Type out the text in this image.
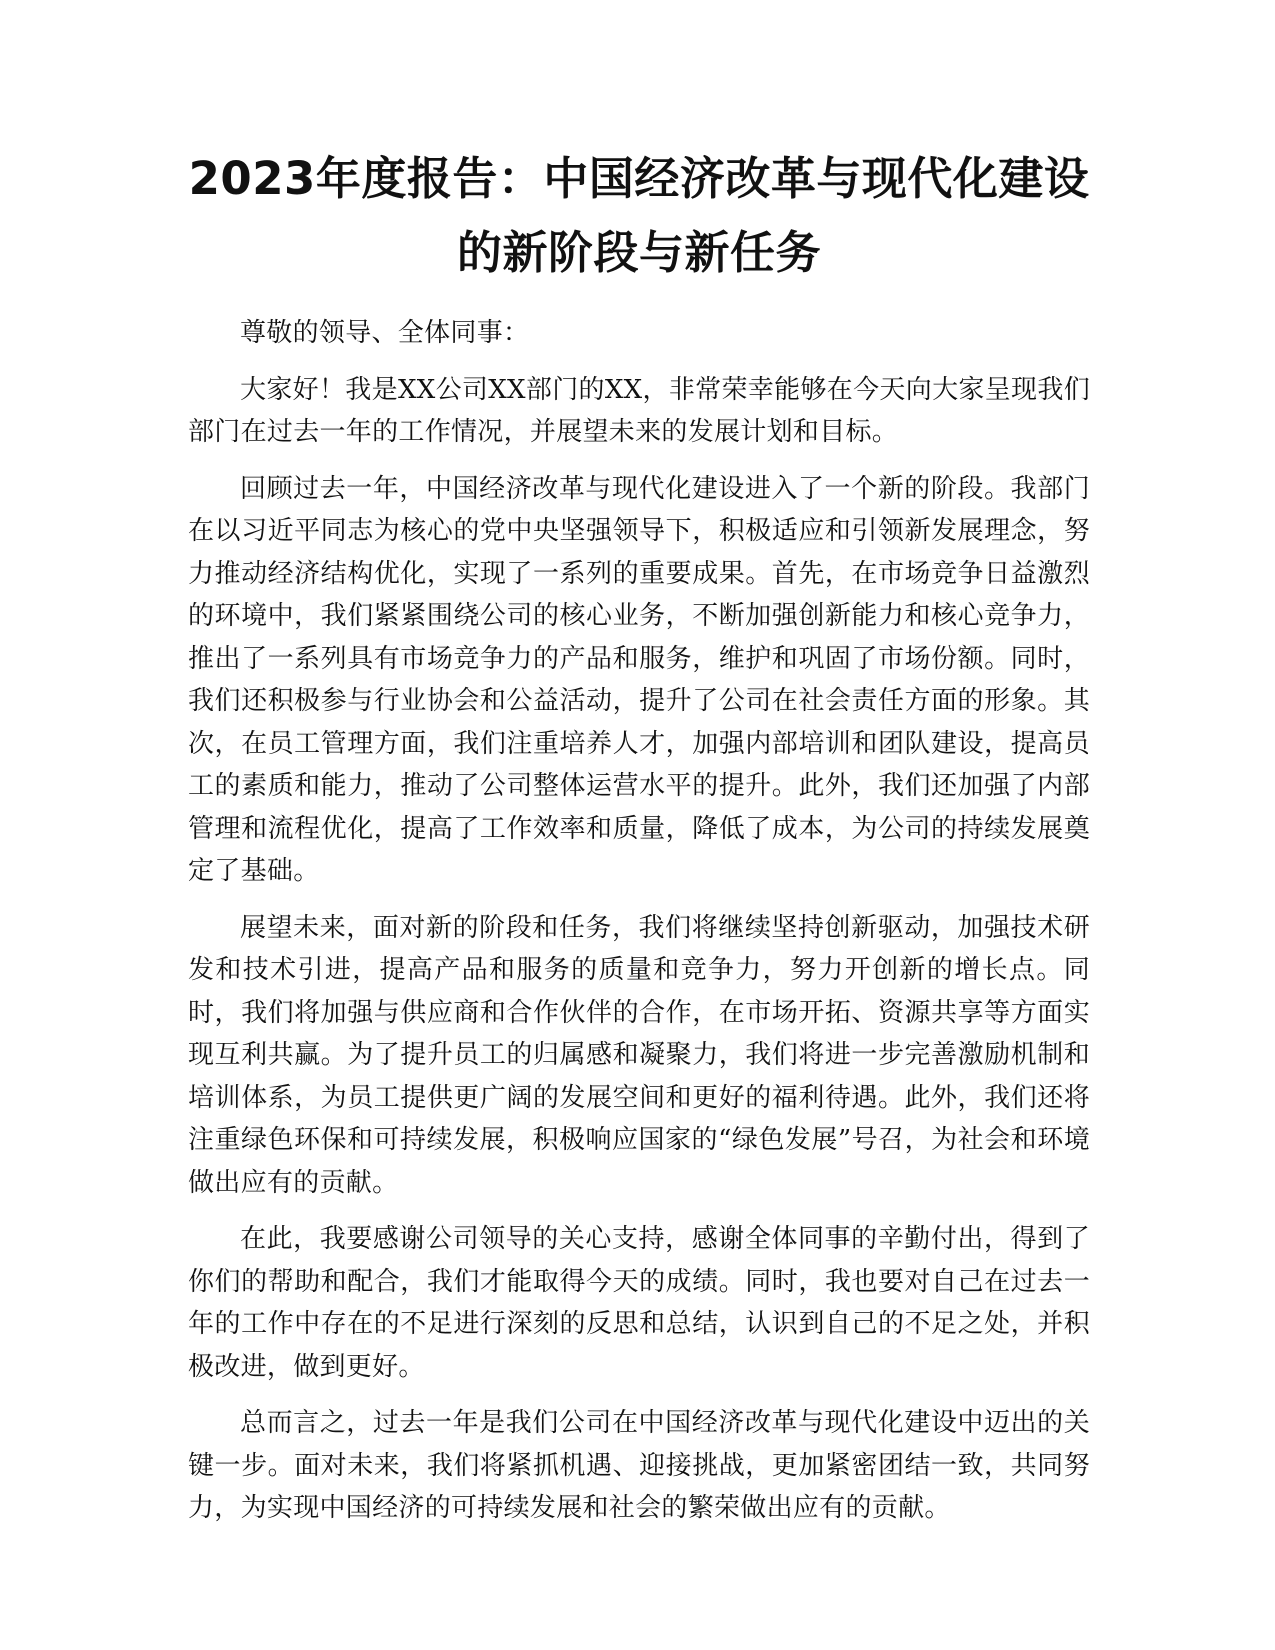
2023年度报告：中国经济改革与现代化建设
的新阶段与新任务

尊敬的领导、全体同事：

大家好！我是XX公司XX部门的XX，非常荣幸能够在今天向大家呈现我们部门在过去一年的工作情况，并展望未来的发展计划和目标。

回顾过去一年，中国经济改革与现代化建设进入了一个新的阶段。我部门在以习近平同志为核心的党中央坚强领导下，积极适应和引领新发展理念，努力推动经济结构优化，实现了一系列的重要成果。首先，在市场竞争日益激烈的环境中，我们紧紧围绕公司的核心业务，不断加强创新能力和核心竞争力，推出了一系列具有市场竞争力的产品和服务，维护和巩固了市场份额。同时，我们还积极参与行业协会和公益活动，提升了公司在社会责任方面的形象。其次，在员工管理方面，我们注重培养人才，加强内部培训和团队建设，提高员工的素质和能力，推动了公司整体运营水平的提升。此外，我们还加强了内部管理和流程优化，提高了工作效率和质量，降低了成本，为公司的持续发展奠定了基础。

展望未来，面对新的阶段和任务，我们将继续坚持创新驱动，加强技术研发和技术引进，提高产品和服务的质量和竞争力，努力开创新的增长点。同时，我们将加强与供应商和合作伙伴的合作，在市场开拓、资源共享等方面实现互利共赢。为了提升员工的归属感和凝聚力，我们将进一步完善激励机制和培训体系，为员工提供更广阔的发展空间和更好的福利待遇。此外，我们还将注重绿色环保和可持续发展，积极响应国家的“绿色发展”号召，为社会和环境做出应有的贡献。

在此，我要感谢公司领导的关心支持，感谢全体同事的辛勤付出，得到了你们的帮助和配合，我们才能取得今天的成绩。同时，我也要对自己在过去一年的工作中存在的不足进行深刻的反思和总结，认识到自己的不足之处，并积极改进，做到更好。

总而言之，过去一年是我们公司在中国经济改革与现代化建设中迈出的关键一步。面对未来，我们将紧抓机遇、迎接挑战，更加紧密团结一致，共同努力，为实现中国经济的可持续发展和社会的繁荣做出应有的贡献。
